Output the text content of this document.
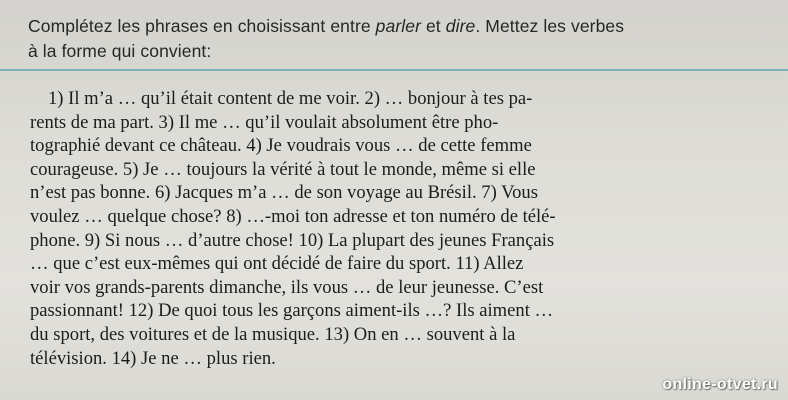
Complétez les phrases en choisissant entre parler et dire. Mettez les verbes
à la forme qui convient:
1) Il m’a … qu’il était content de me voir. 2) … bonjour à tes pa-
rents de ma part. 3) Il me … qu’il voulait absolument être pho-
tographié devant ce château. 4) Je voudrais vous … de cette femme
courageuse. 5) Je … toujours la vérité à tout le monde, même si elle
n’est pas bonne. 6) Jacques m’a … de son voyage au Brésil. 7) Vous
voulez … quelque chose? 8) …-moi ton adresse et ton numéro de télé-
phone. 9) Si nous … d’autre chose! 10) La plupart des jeunes Français
… que c’est eux-mêmes qui ont décidé de faire du sport. 11) Allez
voir vos grands-parents dimanche, ils vous … de leur jeunesse. C’est
passionnant! 12) De quoi tous les garçons aiment-ils …? Ils aiment …
du sport, des voitures et de la musique. 13) On en … souvent à la
télévision. 14) Je ne … plus rien.
online-otvet.ru
